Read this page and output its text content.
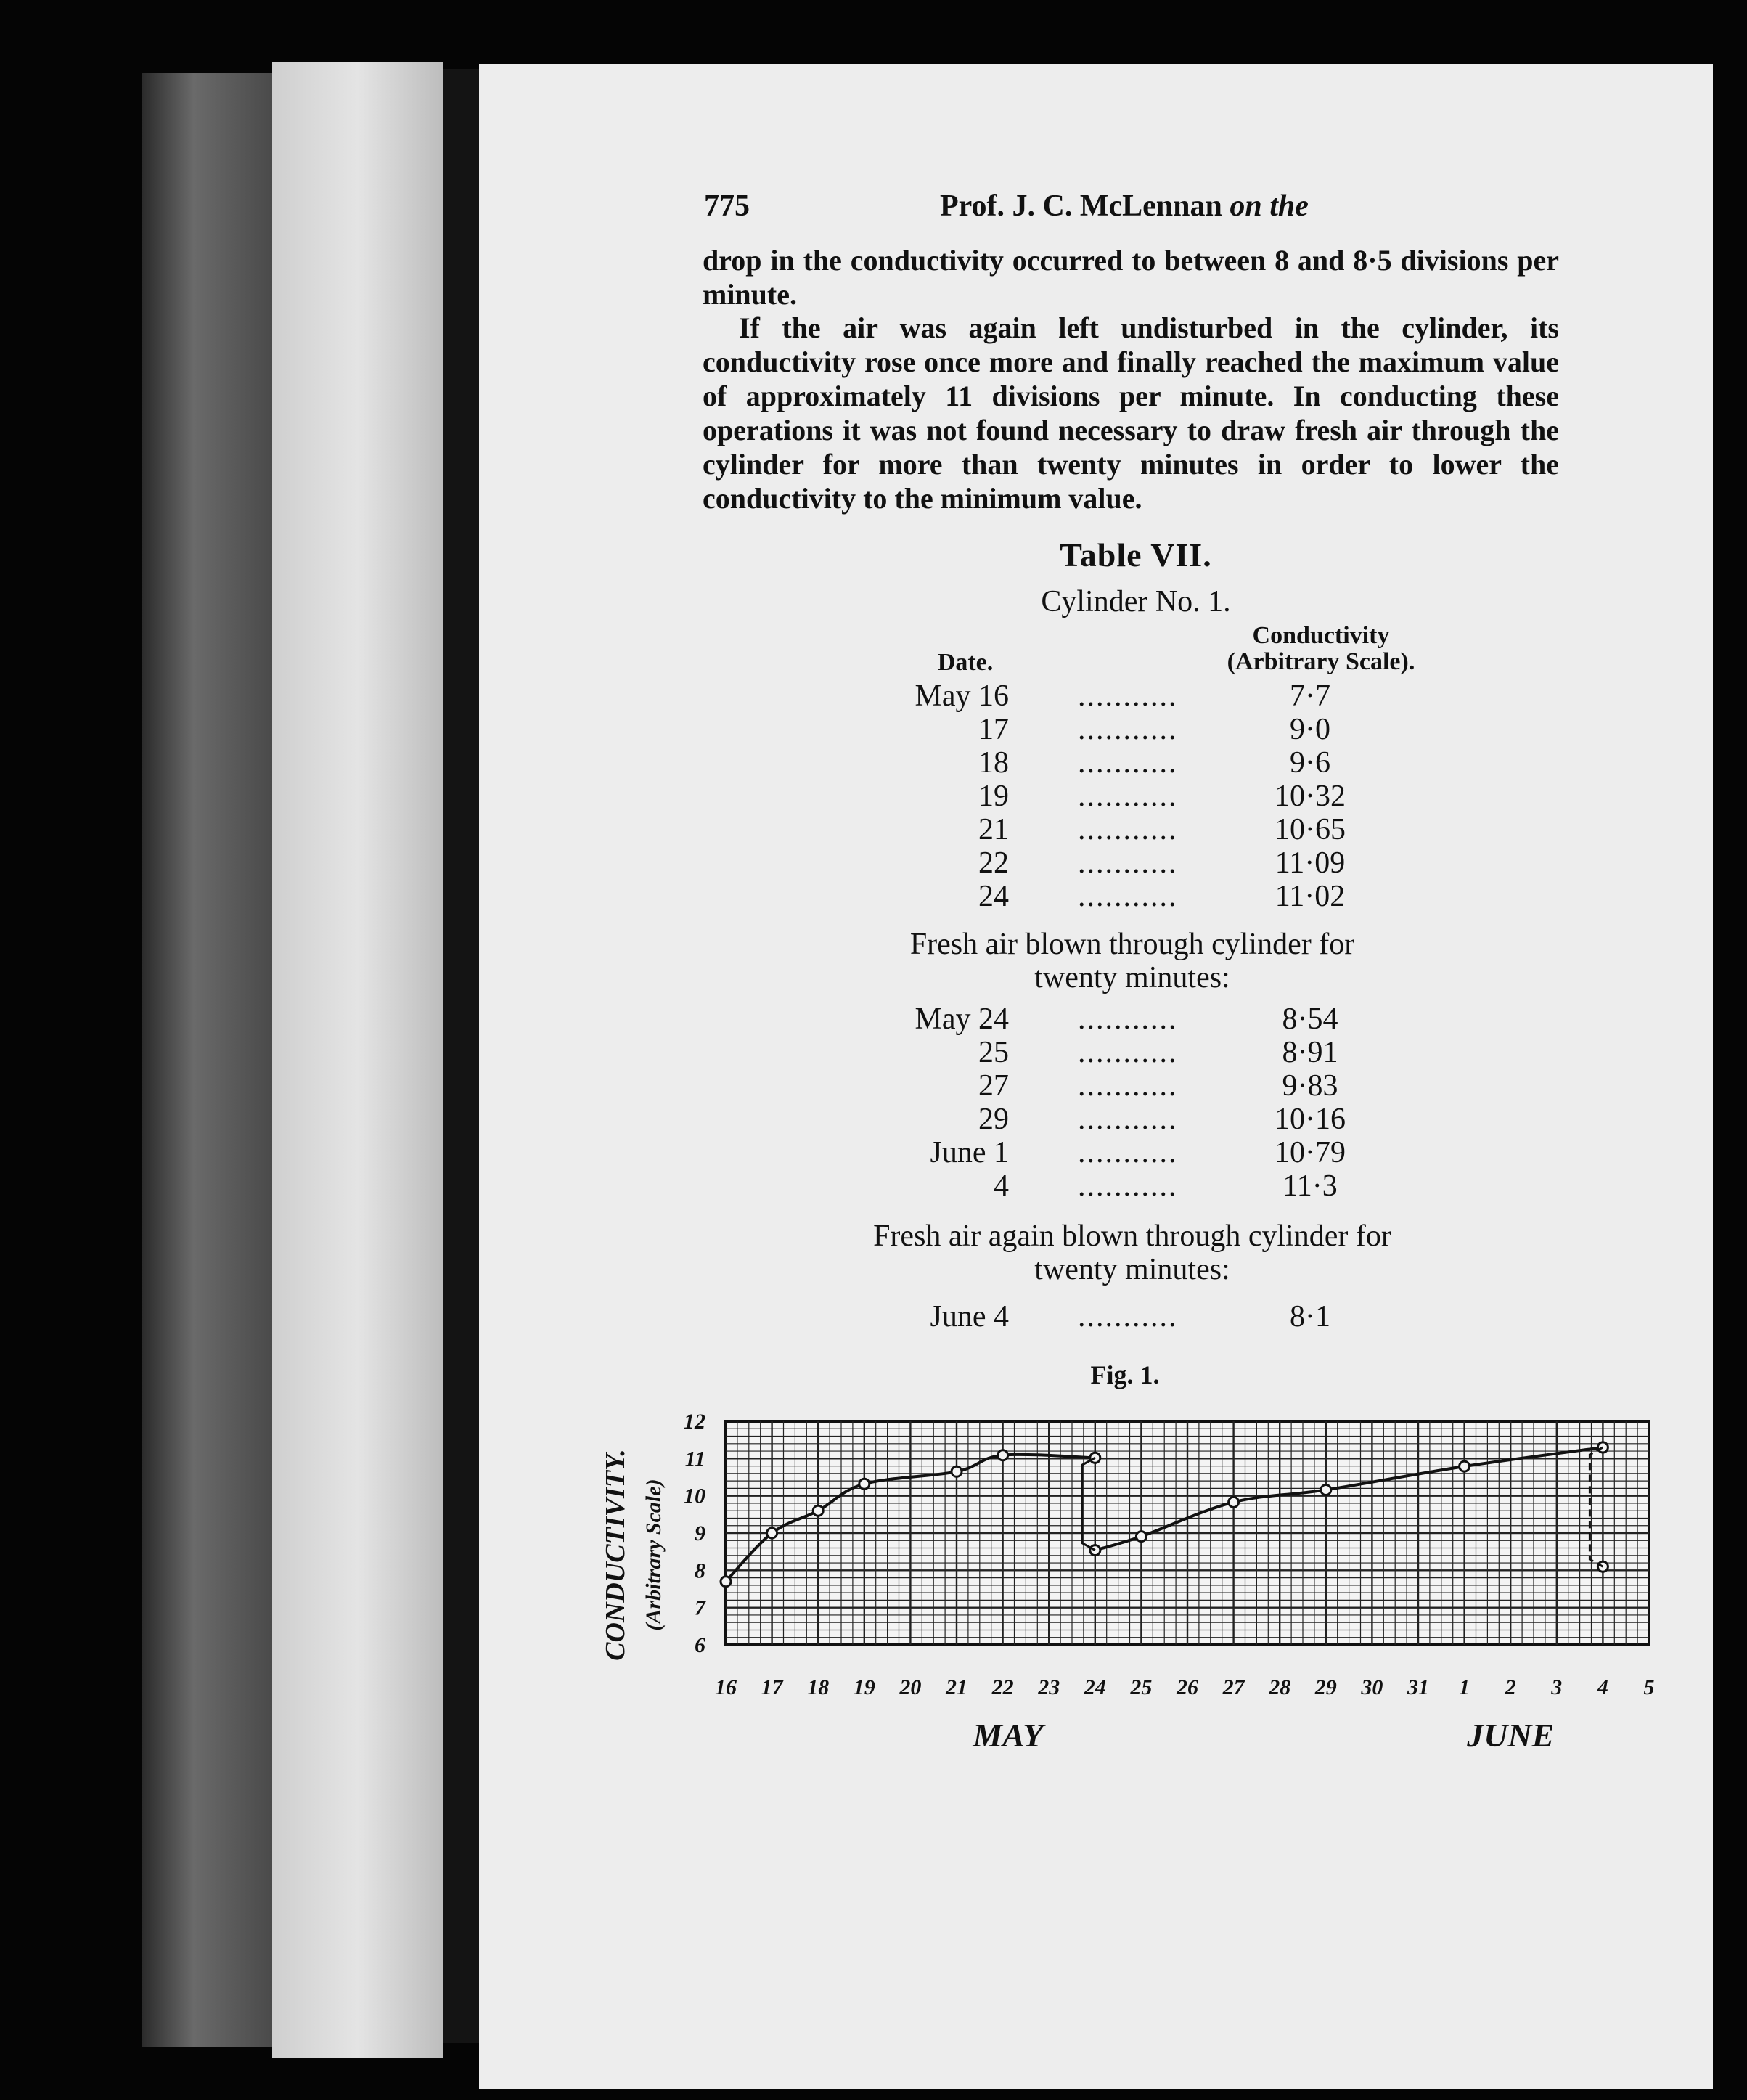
775	Prof. J. C. McLennan on the
drop in the conductivity occurred to between 8 and 8·5 divisions per minute.
If the air was again left undisturbed in the cylinder, its conductivity rose once more and finally reached the maximum value of approximately 11 divisions per minute. In conducting these operations it was not found necessary to draw fresh air through the cylinder for more than twenty minutes in order to lower the conductivity to the minimum value.
Table VII.
Cylinder No. 1.
Date.
Conductivity
(Arbitrary Scale).
May 16 ...........	7·7
17 ...........	9·0
18 ...........	9·6
19 ...........	10·32
21 ...........	10·65
22 ...........	11·09
24 ...........	11·02
Fresh air blown through cylinder for
twenty minutes:
May 24 ...........	8·54
25 ...........	8·91
27 ...........	9·83
29 ...........	10·16
June 1 ...........	10·79
4 ...........	11·3
Fresh air again blown through cylinder for
twenty minutes:
June 4 ...........	8·1
Fig. 1.
6
7
8
9
10
11
12
16 17 18 19 20 21 22 23 24 25 26 27 28 29 30 31 1 2 3 4 5
MAY	JUNE
CONDUCTIVITY. (Arbitrary Scale)
